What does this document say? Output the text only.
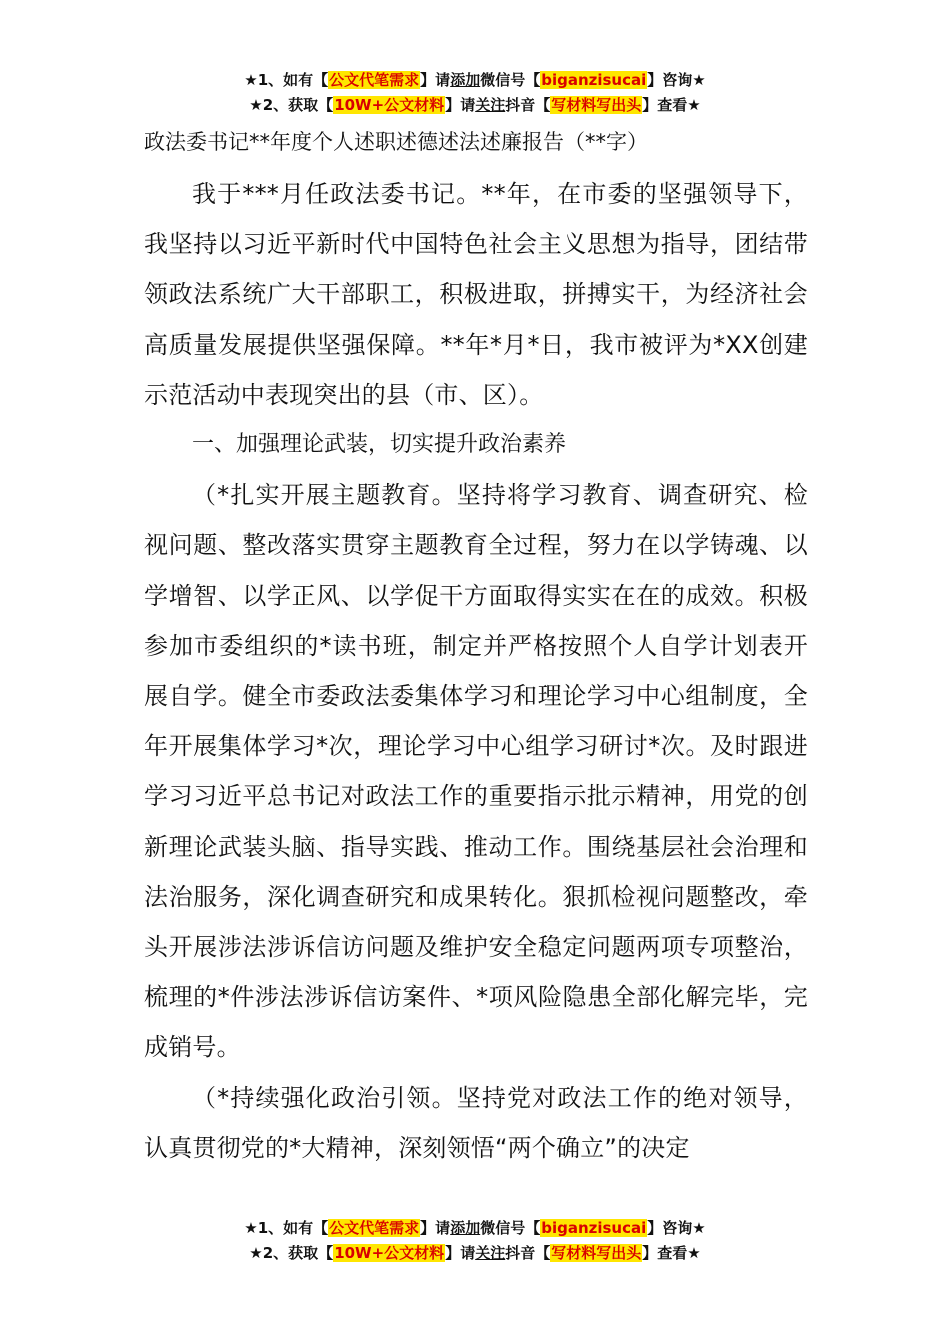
★1、如有【公文代笔需求】请添加微信号【biganzisucai】咨询★
★2、获取【10W+公文材料】请关注抖音【写材料写出头】查看★
政法委书记**年度个人述职述德述法述廉报告（**字）

我于***月任政法委书记。**年，在市委的坚强领导下，我坚持以习近平新时代中国特色社会主义思想为指导，团结带领政法系统广大干部职工，积极进取，拼搏实干，为经济社会高质量发展提供坚强保障。**年*月*日，我市被评为*XX创建示范活动中表现突出的县（市、区）。

一、加强理论武装，切实提升政治素养

（*扎实开展主题教育。坚持将学习教育、调查研究、检视问题、整改落实贯穿主题教育全过程，努力在以学铸魂、以学增智、以学正风、以学促干方面取得实实在在的成效。积极参加市委组织的*读书班，制定并严格按照个人自学计划表开展自学。健全市委政法委集体学习和理论学习中心组制度，全年开展集体学习*次，理论学习中心组学习研讨*次。及时跟进学习习近平总书记对政法工作的重要指示批示精神，用党的创新理论武装头脑、指导实践、推动工作。围绕基层社会治理和法治服务，深化调查研究和成果转化。狠抓检视问题整改，牵头开展涉法涉诉信访问题及维护安全稳定问题两项专项整治，梳理的*件涉法涉诉信访案件、*项风险隐患全部化解完毕，完成销号。

（*持续强化政治引领。坚持党对政法工作的绝对领导，认真贯彻党的*大精神，深刻领悟“两个确立”的决定

★1、如有【公文代笔需求】请添加微信号【biganzisucai】咨询★
★2、获取【10W+公文材料】请关注抖音【写材料写出头】查看★
